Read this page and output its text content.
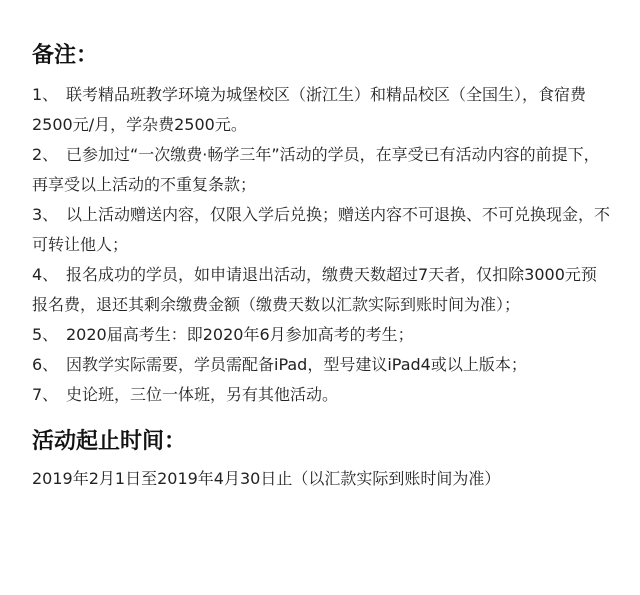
备注：
1、 联考精品班教学环境为城堡校区（浙江生）和精品校区（全国生），食宿费2500元/月，学杂费2500元。
2、 已参加过“一次缴费·畅学三年”活动的学员，在享受已有活动内容的前提下，再享受以上活动的不重复条款；
3、 以上活动赠送内容，仅限入学后兑换；赠送内容不可退换、不可兑换现金，不可转让他人；
4、 报名成功的学员，如申请退出活动，缴费天数超过7天者，仅扣除3000元预报名费，退还其剩余缴费金额（缴费天数以汇款实际到账时间为准）；
5、 2020届高考生：即2020年6月参加高考的考生；
6、 因教学实际需要，学员需配备iPad，型号建议iPad4或以上版本；
7、 史论班，三位一体班，另有其他活动。
活动起止时间：

2019年2月1日至2019年4月30日止（以汇款实际到账时间为准）
